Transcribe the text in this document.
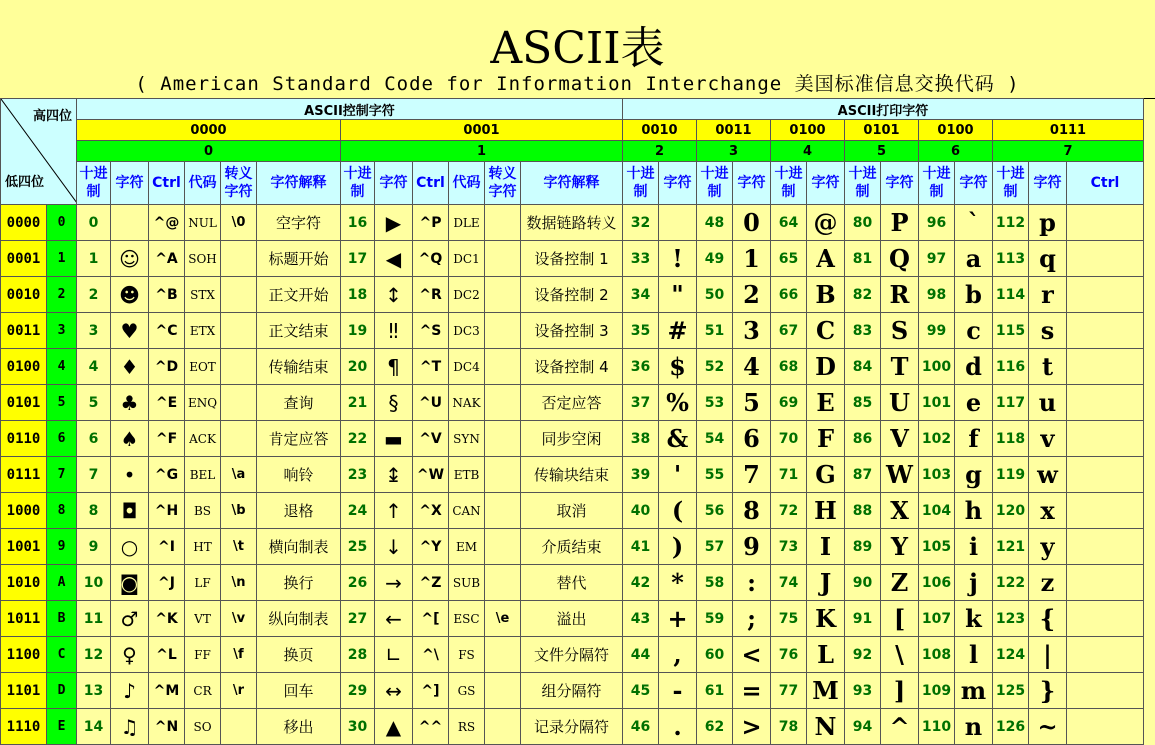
ASCII表
( American Standard Code for Information Interchange 美国标准信息交换代码 )
高四位
低四位		ASCII控制字符												ASCII打印字符												
		0000						0001						0010		0011		0100		0101		0100		0111		
		0						1						2		3		4		5		6		7		
		十进制	字符	Ctrl	代码	转义字符	字符解释	十进制	字符	Ctrl	代码	转义字符	字符解释	十进制	字符	十进制	字符	十进制	字符	十进制	字符	十进制	字符	十进制	字符	Ctrl
0000	0	0		^@	NUL	\0	空字符	16	▶	^P	DLE		数据链路转义	32		48	0	64	@	80	P	96	`	112	p	
0001	1	1	☺	^A	SOH		标题开始	17	◀	^Q	DC1		设备控制 1	33	!	49	1	65	A	81	Q	97	a	113	q	
0010	2	2	☻	^B	STX		正文开始	18	↕	^R	DC2		设备控制 2	34	"	50	2	66	B	82	R	98	b	114	r	
0011	3	3	♥	^C	ETX		正文结束	19	‼	^S	DC3		设备控制 3	35	#	51	3	67	C	83	S	99	c	115	s	
0100	4	4	♦	^D	EOT		传输结束	20	¶	^T	DC4		设备控制 4	36	$	52	4	68	D	84	T	100	d	116	t	
0101	5	5	♣	^E	ENQ		查询	21	§	^U	NAK		否定应答	37	%	53	5	69	E	85	U	101	e	117	u	
0110	6	6	♠	^F	ACK		肯定应答	22	▬	^V	SYN		同步空闲	38	&	54	6	70	F	86	V	102	f	118	v	
0111	7	7	•	^G	BEL	\a	响铃	23	↨	^W	ETB		传输块结束	39	'	55	7	71	G	87	W	103	g	119	w	
1000	8	8	◘	^H	BS	\b	退格	24	↑	^X	CAN		取消	40	(	56	8	72	H	88	X	104	h	120	x	
1001	9	9	○	^I	HT	\t	横向制表	25	↓	^Y	EM		介质结束	41	)	57	9	73	I	89	Y	105	i	121	y	
1010	A	10	◙	^J	LF	\n	换行	26	→	^Z	SUB		替代	42	*	58	:	74	J	90	Z	106	j	122	z	
1011	B	11	♂	^K	VT	\v	纵向制表	27	←	^[	ESC	\e	溢出	43	+	59	;	75	K	91	[	107	k	123	{	
1100	C	12	♀	^L	FF	\f	换页	28	∟	^\	FS		文件分隔符	44	,	60	<	76	L	92	\	108	l	124	|	
1101	D	13	♪	^M	CR	\r	回车	29	↔	^]	GS		组分隔符	45	-	61	=	77	M	93	]	109	m	125	}	
1110	E	14	♫	^N	SO		移出	30	▲	^^	RS		记录分隔符	46	.	62	>	78	N	94	^	110	n	126	~	
